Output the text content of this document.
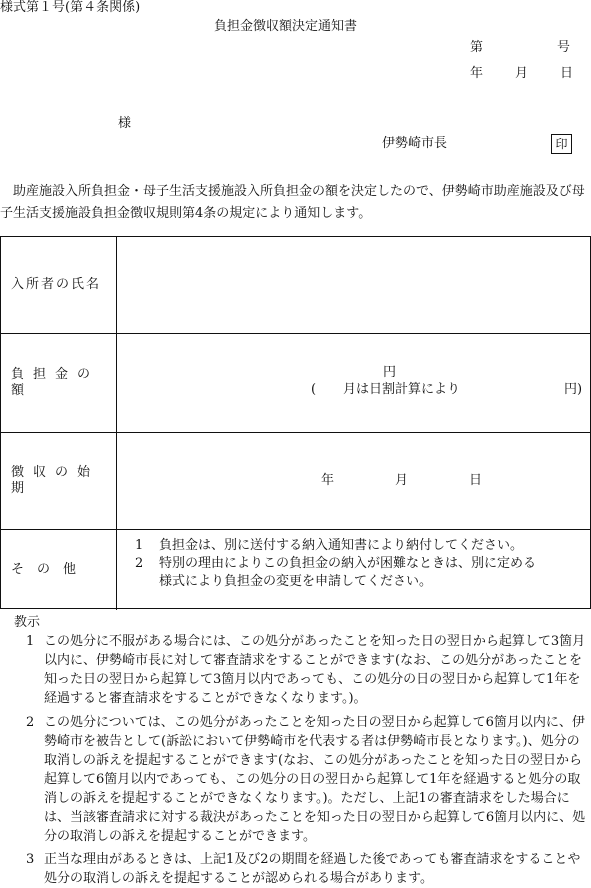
様式第１号(第４条関係)
負担金徴収額決定通知書
第	号
年 月 日
様
伊勢崎市長	印
助産施設入所負担金・母子生活支援施設入所負担金の額を決定したので、伊勢崎市助産施設及び母子生活支援施設負担金徴収規則第4条の規定により通知します。
入所者の氏名
負担金の額
円
( 月は日割計算により	円)
徴収の始期
年	月	日
そ　の　他
1 負担金は、別に送付する納入通知書により納付してください。
2 特別の理由によりこの負担金の納入が困難なときは、別に定める
様式により負担金の変更を申請してください。
教示
1 この処分に不服がある場合には、この処分があったことを知った日の翌日から起算して3箇月以内に、伊勢崎市長に対して審査請求をすることができます(なお、この処分があったことを知った日の翌日から起算して3箇月以内であっても、この処分の日の翌日から起算して1年を経過すると審査請求をすることができなくなります。)。
2 この処分については、この処分があったことを知った日の翌日から起算して6箇月以内に、伊勢崎市を被告として(訴訟において伊勢崎市を代表する者は伊勢崎市長となります。)、処分の取消しの訴えを提起することができます(なお、この処分があったことを知った日の翌日から起算して6箇月以内であっても、この処分の日の翌日から起算して1年を経過すると処分の取消しの訴えを提起することができなくなります。)。ただし、上記1の審査請求をした場合には、当該審査請求に対する裁決があったことを知った日の翌日から起算して6箇月以内に、処分の取消しの訴えを提起することができます。
3 正当な理由があるときは、上記1及び2の期間を経過した後であっても審査請求をすることや処分の取消しの訴えを提起することが認められる場合があります。
